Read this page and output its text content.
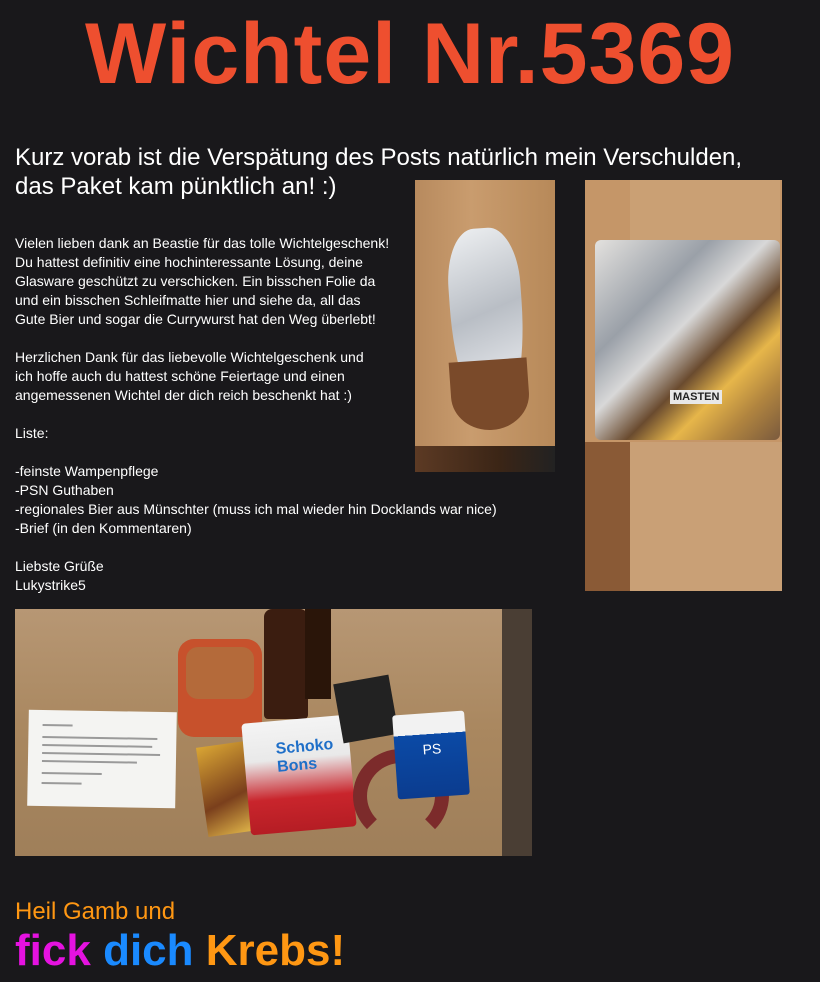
Wichtel Nr.5369
Kurz vorab ist die Verspätung des Posts natürlich mein Verschulden,
das Paket kam pünktlich an! :)

Vielen lieben dank an Beastie für das tolle Wichtelgeschenk!
Du hattest definitiv eine hochinteressante Lösung, deine
Glasware geschützt zu verschicken. Ein bisschen Folie da
und ein bisschen Schleifmatte hier und siehe da, all das
Gute Bier und sogar die Currywurst hat den Weg überlebt!

Herzlichen Dank für das liebevolle Wichtelgeschenk und
ich hoffe auch du hattest schöne Feiertage und einen
angemessenen Wichtel der dich reich beschenkt hat :)

Liste:

-feinste Wampenpflege
-PSN Guthaben
-regionales Bier aus Münschter (muss ich mal wieder hin Docklands war nice)
-Brief (in den Kommentaren)

Liebste Grüße

Lukystrike5

MASTEN
Schoko Bons
PS
Heil Gamb und
fick dich Krebs!
